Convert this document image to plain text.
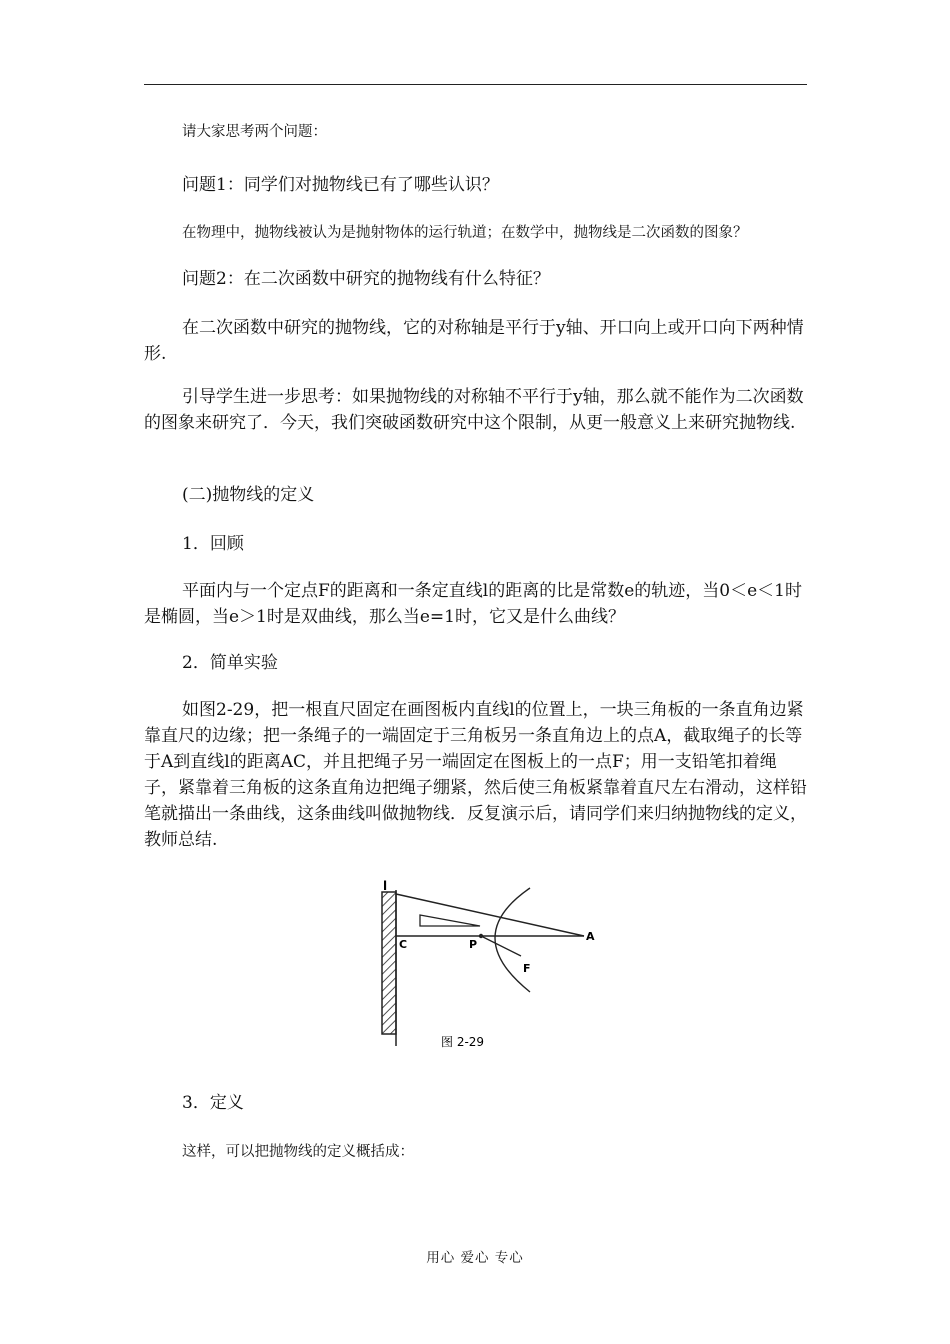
请大家思考两个问题：
问题1：同学们对抛物线已有了哪些认识？
在物理中，抛物线被认为是抛射物体的运行轨道；在数学中，抛物线是二次函数的图象？
问题2：在二次函数中研究的抛物线有什么特征？
在二次函数中研究的抛物线，它的对称轴是平行于y轴、开口向上或开口向下两种情形.
引导学生进一步思考：如果抛物线的对称轴不平行于y轴，那么就不能作为二次函数的图象来研究了．今天，我们突破函数研究中这个限制，从更一般意义上来研究抛物线.
(二)抛物线的定义
1．回顾
平面内与一个定点F的距离和一条定直线l的距离的比是常数e的轨迹，当0＜e＜1时是椭圆，当e＞1时是双曲线，那么当e=1时，它又是什么曲线？
2．简单实验
如图2-29，把一根直尺固定在画图板内直线l的位置上，一块三角板的一条直角边紧靠直尺的边缘；把一条绳子的一端固定于三角板另一条直角边上的点A，截取绳子的长等于A到直线l的距离AC，并且把绳子另一端固定在图板上的一点F；用一支铅笔扣着绳子，紧靠着三角板的这条直角边把绳子绷紧，然后使三角板紧靠着直尺左右滑动，这样铅笔就描出一条曲线，这条曲线叫做抛物线．反复演示后，请同学们来归纳抛物线的定义，教师总结.
l
C	P
A
F
图 2-29
3．定义
这样，可以把抛物线的定义概括成：
用心 爱心 专心
